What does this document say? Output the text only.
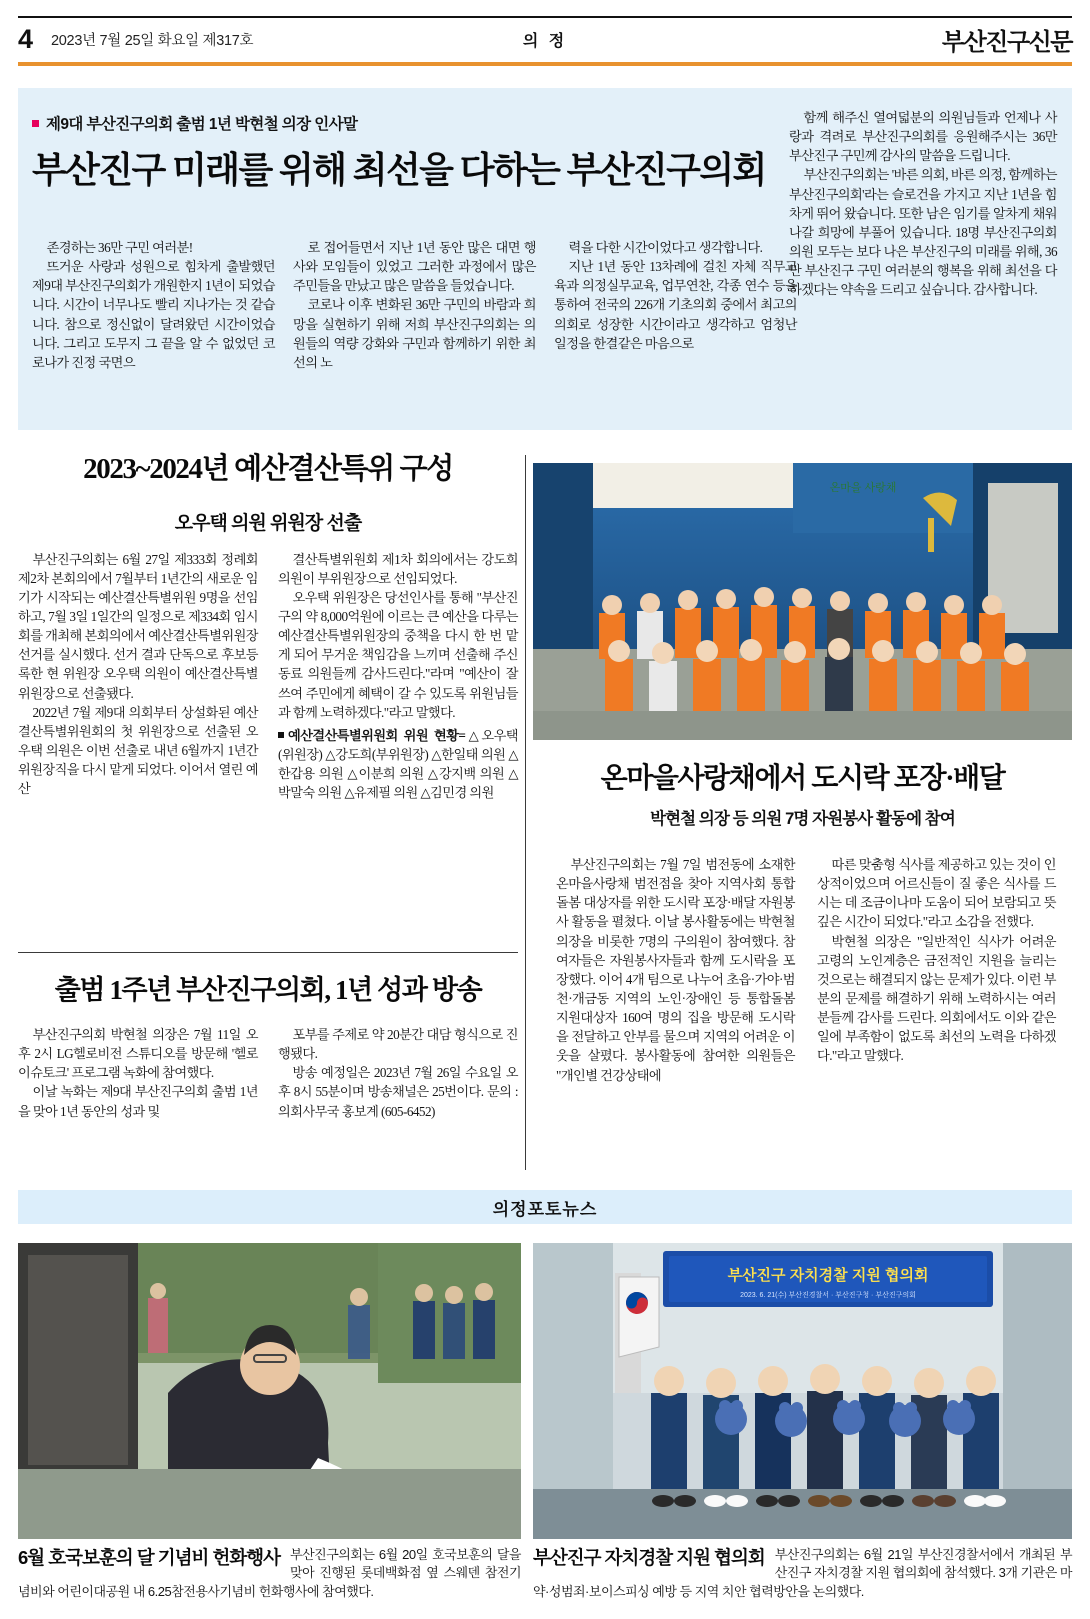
4 2023년 7월 25일 화요일 제317호	의 정	부산진구신문
제9대 부산진구의회 출범 1년 박현철 의장 인사말
부산진구 미래를 위해 최선을 다하는 부산진구의회

존경하는 36만 구민 여러분!

뜨거운 사랑과 성원으로 힘차게 출발했던 제9대 부산진구의회가 개원한지 1년이 되었습니다. 시간이 너무나도 빨리 지나가는 것 같습니다. 참으로 정신없이 달려왔던 시간이었습니다. 그리고 도무지 그 끝을 알 수 없었던 코로나가 진정 국면으

로 접어들면서 지난 1년 동안 많은 대면 행사와 모임들이 있었고 그러한 과정에서 많은 주민들을 만났고 많은 말씀을 들었습니다.

코로나 이후 변화된 36만 구민의 바람과 희망을 실현하기 위해 저희 부산진구의회는 의원들의 역량 강화와 구민과 함께하기 위한 최선의 노

력을 다한 시간이었다고 생각합니다.

지난 1년 동안 13차례에 걸친 자체 직무교육과 의정실무교육, 업무연찬, 각종 연수 등을 통하여 전국의 226개 기초의회 중에서 최고의 의회로 성장한 시간이라고 생각하고 엄청난 일정을 한결같은 마음으로

함께 해주신 열여덟분의 의원님들과 언제나 사랑과 격려로 부산진구의회를 응원해주시는 36만 부산진구 구민께 감사의 말씀을 드립니다.

부산진구의회는 '바른 의회, 바른 의정, 함께하는 부산진구의회'라는 슬로건을 가지고 지난 1년을 힘차게 뛰어 왔습니다. 또한 남은 임기를 알차게 채워나갈 희망에 부풀어 있습니다. 18명 부산진구의회 의원 모두는 보다 나은 부산진구의 미래를 위해, 36만 부산진구 구민 여러분의 행복을 위해 최선을 다하겠다는 약속을 드리고 싶습니다. 감사합니다.

2023~2024년 예산결산특위 구성
오우택 의원 위원장 선출

부산진구의회는 6월 27일 제333회 정례회 제2차 본회의에서 7월부터 1년간의 새로운 임기가 시작되는 예산결산특별위원 9명을 선임하고, 7월 3일 1일간의 일정으로 제334회 임시회를 개최해 본회의에서 예산결산특별위원장 선거를 실시했다. 선거 결과 단독으로 후보등록한 현 위원장 오우택 의원이 예산결산특별위원장으로 선출됐다.

2022년 7월 제9대 의회부터 상설화된 예산결산특별위원회의 첫 위원장으로 선출된 오우택 의원은 이번 선출로 내년 6월까지 1년간 위원장직을 다시 맡게 되었다. 이어서 열린 예산

결산특별위원회 제1차 회의에서는 강도희 의원이 부위원장으로 선임되었다.

오우택 위원장은 당선인사를 통해 "부산진구의 약 8,000억원에 이르는 큰 예산을 다루는 예산결산특별위원장의 중책을 다시 한 번 맡게 되어 무거운 책임감을 느끼며 선출해 주신 동료 의원들께 감사드린다."라며 "예산이 잘 쓰여 주민에게 혜택이 갈 수 있도록 위원님들과 함께 노력하겠다."라고 말했다.

예산결산특별위원회 위원 현황=△오우택(위원장) △강도희(부위원장) △한일태 의원 △한갑용 의원 △이분희 의원 △강지백 의원 △박말숙 의원 △유제필 의원 △김민경 의원

온마을 사랑채
온마을사랑채에서 도시락 포장·배달
박현철 의장 등 의원 7명 자원봉사 활동에 참여

부산진구의회는 7월 7일 범전동에 소재한 온마을사랑채 범전점을 찾아 지역사회 통합돌봄 대상자를 위한 도시락 포장·배달 자원봉사 활동을 펼쳤다. 이날 봉사활동에는 박현철 의장을 비롯한 7명의 구의원이 참여했다. 참여자들은 자원봉사자들과 함께 도시락을 포장했다. 이어 4개 팀으로 나누어 초읍·가야·범천·개금동 지역의 노인·장애인 등 통합돌봄 지원대상자 160여 명의 집을 방문해 도시락을 전달하고 안부를 물으며 지역의 어려운 이웃을 살폈다. 봉사활동에 참여한 의원들은 "개인별 건강상태에

따른 맞춤형 식사를 제공하고 있는 것이 인상적이었으며 어르신들이 질 좋은 식사를 드시는 데 조금이나마 도움이 되어 보람되고 뜻깊은 시간이 되었다."라고 소감을 전했다.

박현철 의장은 "일반적인 식사가 어려운 고령의 노인계층은 금전적인 지원을 늘리는 것으로는 해결되지 않는 문제가 있다. 이런 부분의 문제를 해결하기 위해 노력하시는 여러분들께 감사를 드린다. 의회에서도 이와 같은 일에 부족함이 없도록 최선의 노력을 다하겠다."라고 말했다.

출범 1주년 부산진구의회, 1년 성과 방송

부산진구의회 박현철 의장은 7월 11일 오후 2시 LG헬로비전 스튜디오를 방문해 '헬로 이슈토크' 프로그램 녹화에 참여했다.

이날 녹화는 제9대 부산진구의회 출범 1년을 맞아 1년 동안의 성과 및

포부를 주제로 약 20분간 대담 형식으로 진행됐다.

방송 예정일은 2023년 7월 26일 수요일 오후 8시 55분이며 방송채널은 25번이다. 문의 : 의회사무국 홍보계 (605-6452)

의정포토뉴스
부산진구 자치경찰 지원 협의회
2023. 6. 21(수) 부산진경찰서 · 부산진구청 · 부산진구의회
6월 호국보훈의 달 기념비 헌화행사 부산진구의회는 6월 20일 호국보훈의 달을 맞아 진행된 롯데백화점 옆 스웨덴 참전기념비와 어린이대공원 내 6.25참전용사기념비 헌화행사에 참여했다.
부산진구 자치경찰 지원 협의회 부산진구의회는 6월 21일 부산진경찰서에서 개최된 부산진구 자치경찰 지원 협의회에 참석했다. 3개 기관은 마약·성범죄·보이스피싱 예방 등 지역 치안 협력방안을 논의했다.
